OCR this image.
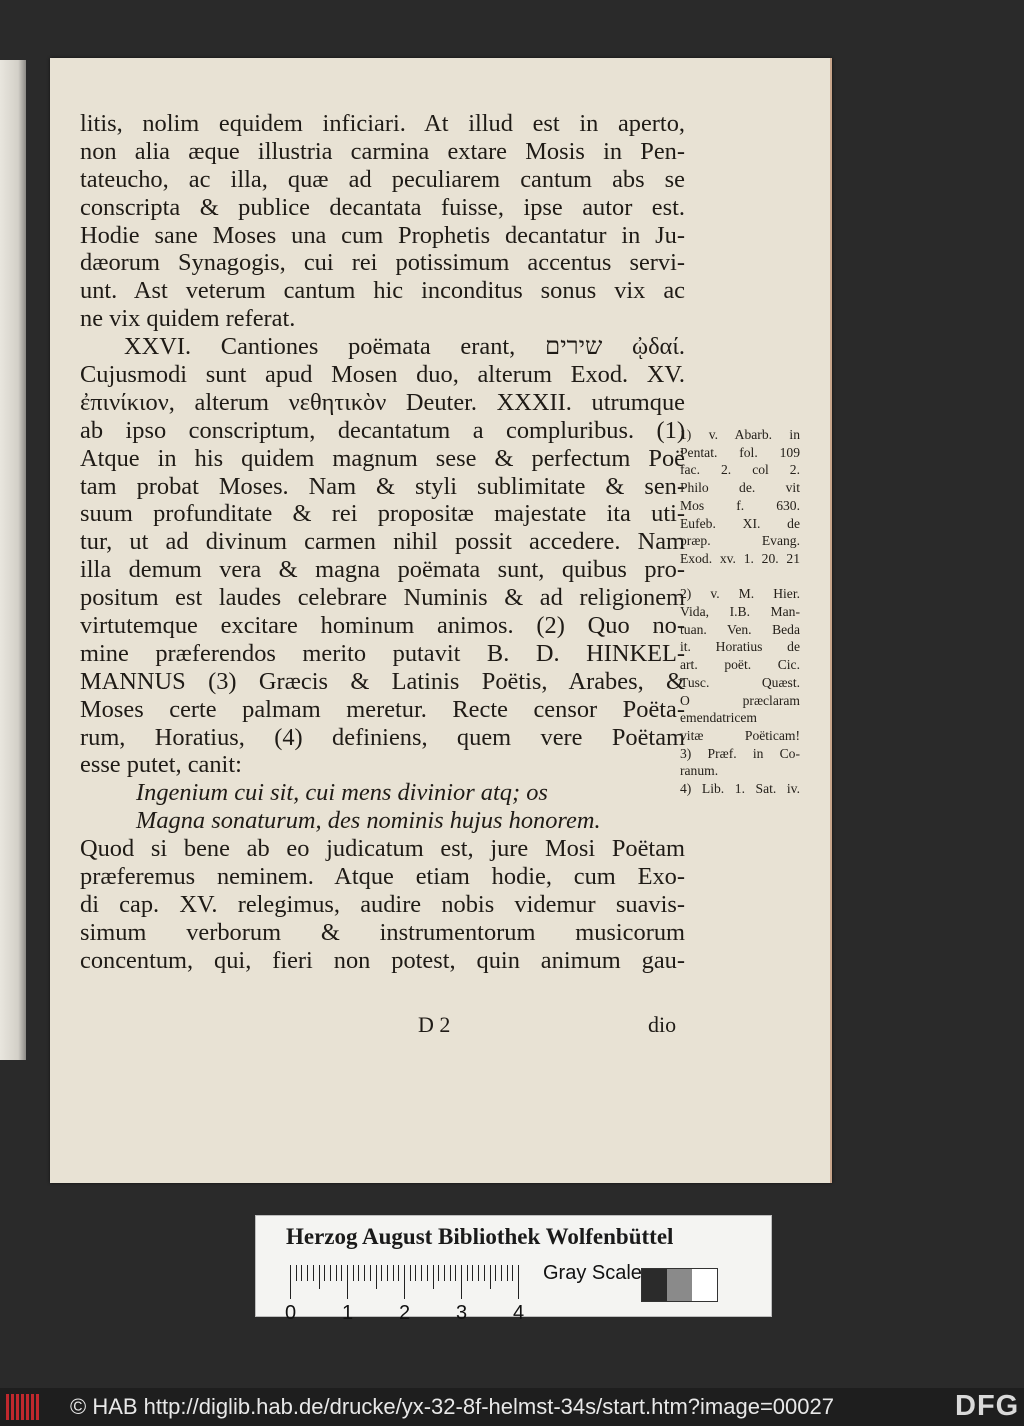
litis, nolim equidem inficiari. At illud est in aperto,
non alia æque illustria carmina extare Mosis in Pen-
tateucho, ac illa, quæ ad peculiarem cantum abs se
conscripta & publice decantata fuisse, ipse autor est.
Hodie sane Moses una cum Prophetis decantatur in Ju-
dæorum Synagogis, cui rei potissimum accentus servi-
unt. Ast veterum cantum hic inconditus sonus vix ac
ne vix quidem referat.
XXVI. Cantiones poëmata erant, שירים ᾠδαί.
Cujusmodi sunt apud Mosen duo, alterum Exod. XV.
ἐπινίκιον, alterum νεθητικὸν Deuter. XXXII. utrumque
ab ipso conscriptum, decantatum a compluribus. (1)
Atque in his quidem magnum sese & perfectum Poë
tam probat Moses. Nam & styli sublimitate & sen-
suum profunditate & rei propositæ majestate ita uti-
tur, ut ad divinum carmen nihil possit accedere. Nam
illa demum vera & magna poëmata sunt, quibus pro-
positum est laudes celebrare Numinis & ad religionem
virtutemque excitare hominum animos. (2) Quo no-
mine præferendos merito putavit B. D. HINKEL-
MANNUS (3) Græcis & Latinis Poëtis, Arabes, &
Moses certe palmam meretur. Recte censor Poëta-
rum, Horatius, (4) definiens, quem vere Poëtam
esse putet, canit:
Ingenium cui sit, cui mens divinior atq; os
Magna sonaturum, des nominis hujus honorem.
Quod si bene ab eo judicatum est, jure Mosi Poëtam
præferemus neminem. Atque etiam hodie, cum Exo-
di cap. XV. relegimus, audire nobis videmur suavis-
simum verborum & instrumentorum musicorum
concentum, qui, fieri non potest, quin animum gau-
1) v. Abarb. in
Pentat. fol. 109
fac. 2. col 2.
Philo de. vit
Mos f. 630.
Eufeb. XI. de
præp. Evang.
Exod. xv. 1. 20. 21
2) v. M. Hier.
Vida, I.B. Man-
tuan. Ven. Beda
it. Horatius de
art. poët. Cic.
Tusc. Quæst.
O præclaram
emendatricem
vitæ Poëticam!
3) Præf. in Co-
ranum.
4) Lib. 1. Sat. iv.
D 2	dio
Herzog August Bibliothek Wolfenbüttel
0 1 2 3 4
Gray Scale
© HAB http://diglib.hab.de/drucke/yx-32-8f-helmst-34s/start.htm?image=00027	DFG
